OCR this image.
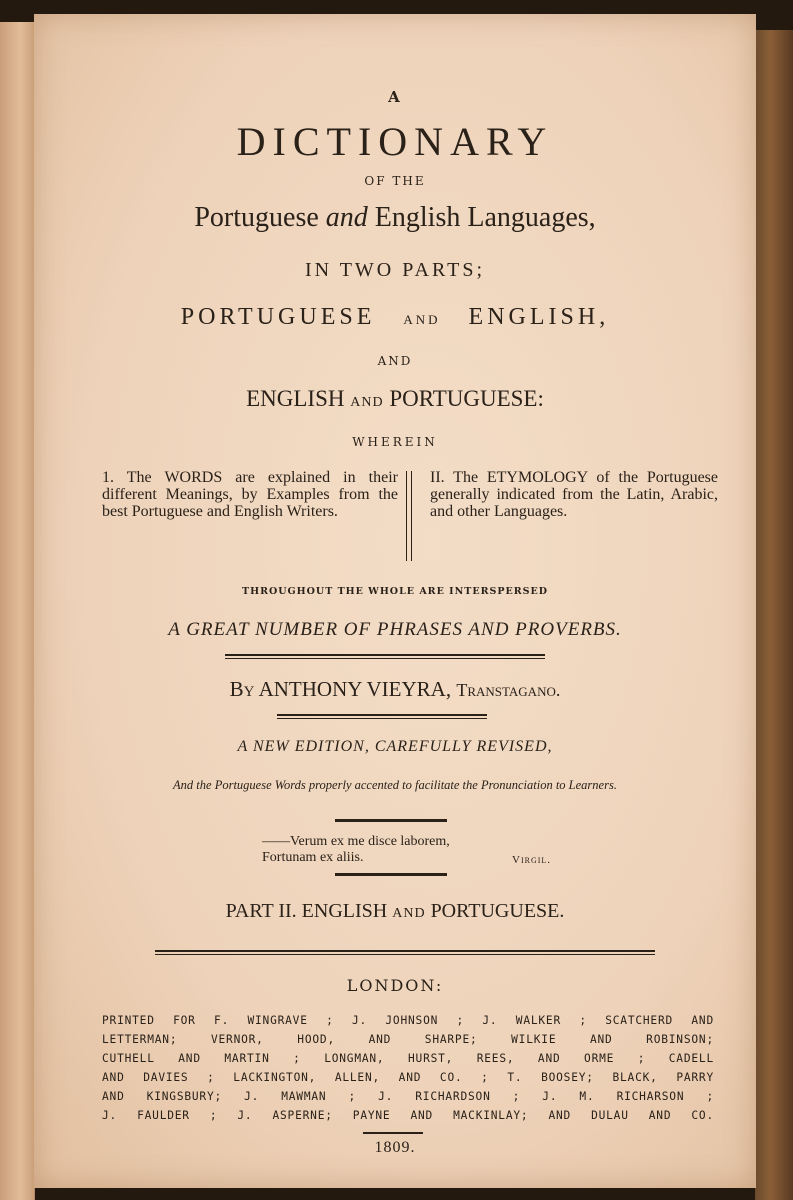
A
DICTIONARY
OF THE
Portuguese and English Languages,
IN TWO PARTS;
PORTUGUESE AND ENGLISH,
AND
ENGLISH AND PORTUGUESE:
WHEREIN
1. The WORDS are explained in their different Meanings, by Examples from the best Portuguese and English Writers.
II. The ETYMOLOGY of the Portuguese generally indicated from the Latin, Arabic, and other Languages.
THROUGHOUT THE WHOLE ARE INTERSPERSED
A GREAT NUMBER OF PHRASES AND PROVERBS.
By ANTHONY VIEYRA, Transtagano.
A NEW EDITION, CAREFULLY REVISED,
And the Portuguese Words properly accented to facilitate the Pronunciation to Learners.
——Verum ex me disce laborem,
Fortunam ex aliis.	Virgil.
PART II. ENGLISH AND PORTUGUESE.
LONDON:
PRINTED FOR F. WINGRAVE ; J. JOHNSON ; J. WALKER ; SCATCHERD AND
LETTERMAN; VERNOR, HOOD, AND SHARPE; WILKIE AND ROBINSON;
CUTHELL AND MARTIN ; LONGMAN, HURST, REES, AND ORME ; CADELL
AND DAVIES ; LACKINGTON, ALLEN, AND CO. ; T. BOOSEY; BLACK, PARRY
AND KINGSBURY; J. MAWMAN ; J. RICHARDSON ; J. M. RICHARSON ;
J. FAULDER ; J. ASPERNE; PAYNE AND MACKINLAY; AND DULAU AND CO.
1809.
